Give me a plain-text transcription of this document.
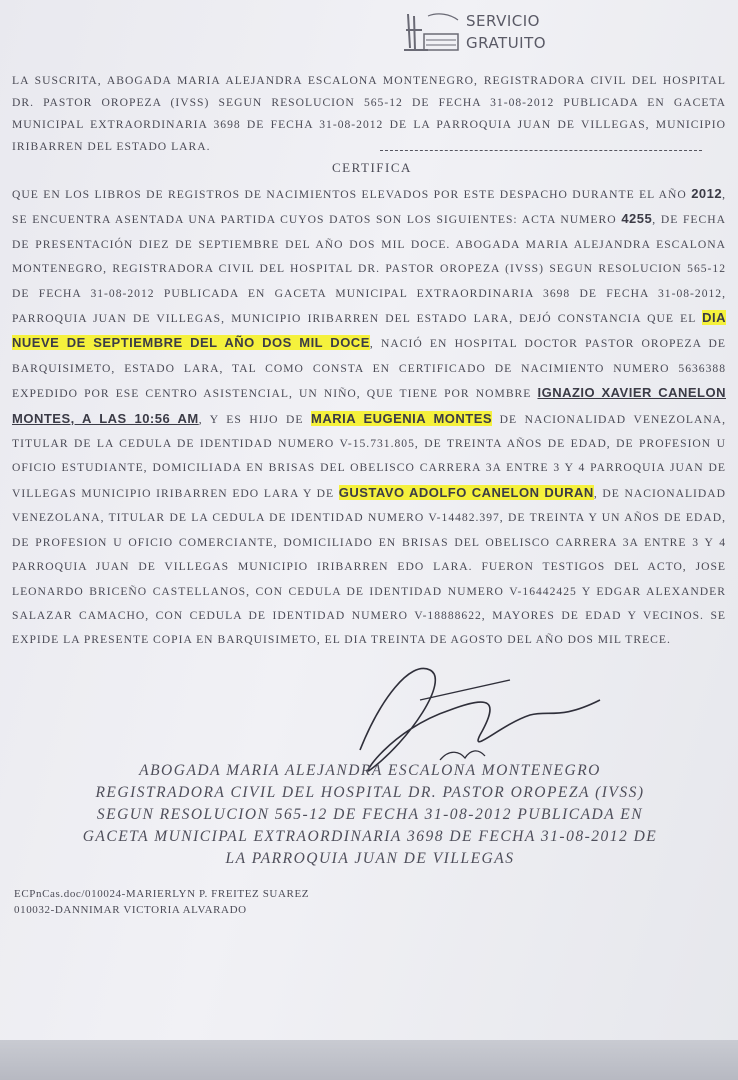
SERVICIO
GRATUITO
LA SUSCRITA, ABOGADA MARIA ALEJANDRA ESCALONA MONTENEGRO, REGISTRADORA CIVIL DEL HOSPITAL DR. PASTOR OROPEZA (IVSS) SEGUN RESOLUCION 565-12 DE FECHA 31-08-2012 PUBLICADA EN GACETA MUNICIPAL EXTRAORDINARIA 3698 DE FECHA 31-08-2012 DE LA PARROQUIA JUAN DE VILLEGAS, MUNICIPIO IRIBARREN DEL ESTADO LARA.
CERTIFICA
QUE EN LOS LIBROS DE REGISTROS DE NACIMIENTOS ELEVADOS POR ESTE DESPACHO DURANTE EL AÑO 2012, SE ENCUENTRA ASENTADA UNA PARTIDA CUYOS DATOS SON LOS SIGUIENTES: ACTA NUMERO 4255, DE FECHA DE PRESENTACIÓN DIEZ DE SEPTIEMBRE DEL AÑO DOS MIL DOCE. ABOGADA MARIA ALEJANDRA ESCALONA MONTENEGRO, REGISTRADORA CIVIL DEL HOSPITAL DR. PASTOR OROPEZA (IVSS) SEGUN RESOLUCION 565-12 DE FECHA 31-08-2012 PUBLICADA EN GACETA MUNICIPAL EXTRAORDINARIA 3698 DE FECHA 31-08-2012, PARROQUIA JUAN DE VILLEGAS, MUNICIPIO IRIBARREN DEL ESTADO LARA, DEJÓ CONSTANCIA QUE EL DIA NUEVE DE SEPTIEMBRE DEL AÑO DOS MIL DOCE, NACIÓ EN HOSPITAL DOCTOR PASTOR OROPEZA DE BARQUISIMETO, ESTADO LARA, TAL COMO CONSTA EN CERTIFICADO DE NACIMIENTO NUMERO 5636388 EXPEDIDO POR ESE CENTRO ASISTENCIAL, UN NIÑO, QUE TIENE POR NOMBRE IGNAZIO XAVIER CANELON MONTES, A LAS 10:56 AM, Y ES HIJO DE MARIA EUGENIA MONTES DE NACIONALIDAD VENEZOLANA, TITULAR DE LA CEDULA DE IDENTIDAD NUMERO V-15.731.805, DE TREINTA AÑOS DE EDAD, DE PROFESION U OFICIO ESTUDIANTE, DOMICILIADA EN BRISAS DEL OBELISCO CARRERA 3A ENTRE 3 Y 4 PARROQUIA JUAN DE VILLEGAS MUNICIPIO IRIBARREN EDO LARA Y DE GUSTAVO ADOLFO CANELON DURAN, DE NACIONALIDAD VENEZOLANA, TITULAR DE LA CEDULA DE IDENTIDAD NUMERO V-14482.397, DE TREINTA Y UN AÑOS DE EDAD, DE PROFESION U OFICIO COMERCIANTE, DOMICILIADO EN BRISAS DEL OBELISCO CARRERA 3A ENTRE 3 Y 4 PARROQUIA JUAN DE VILLEGAS MUNICIPIO IRIBARREN EDO LARA. FUERON TESTIGOS DEL ACTO, JOSE LEONARDO BRICEÑO CASTELLANOS, CON CEDULA DE IDENTIDAD NUMERO V-16442425 Y EDGAR ALEXANDER SALAZAR CAMACHO, CON CEDULA DE IDENTIDAD NUMERO V-18888622, MAYORES DE EDAD Y VECINOS. SE EXPIDE LA PRESENTE COPIA EN BARQUISIMETO, EL DIA TREINTA DE AGOSTO DEL AÑO DOS MIL TRECE.
ABOGADA MARIA ALEJANDRA ESCALONA MONTENEGRO
REGISTRADORA CIVIL DEL HOSPITAL DR. PASTOR OROPEZA (IVSS)
SEGUN RESOLUCION 565-12 DE FECHA 31-08-2012 PUBLICADA EN
GACETA MUNICIPAL EXTRAORDINARIA 3698 DE FECHA 31-08-2012 DE
LA PARROQUIA JUAN DE VILLEGAS
ECPnCas.doc/010024-MARIERLYN P. FREITEZ SUAREZ
010032-DANNIMAR VICTORIA ALVARADO
